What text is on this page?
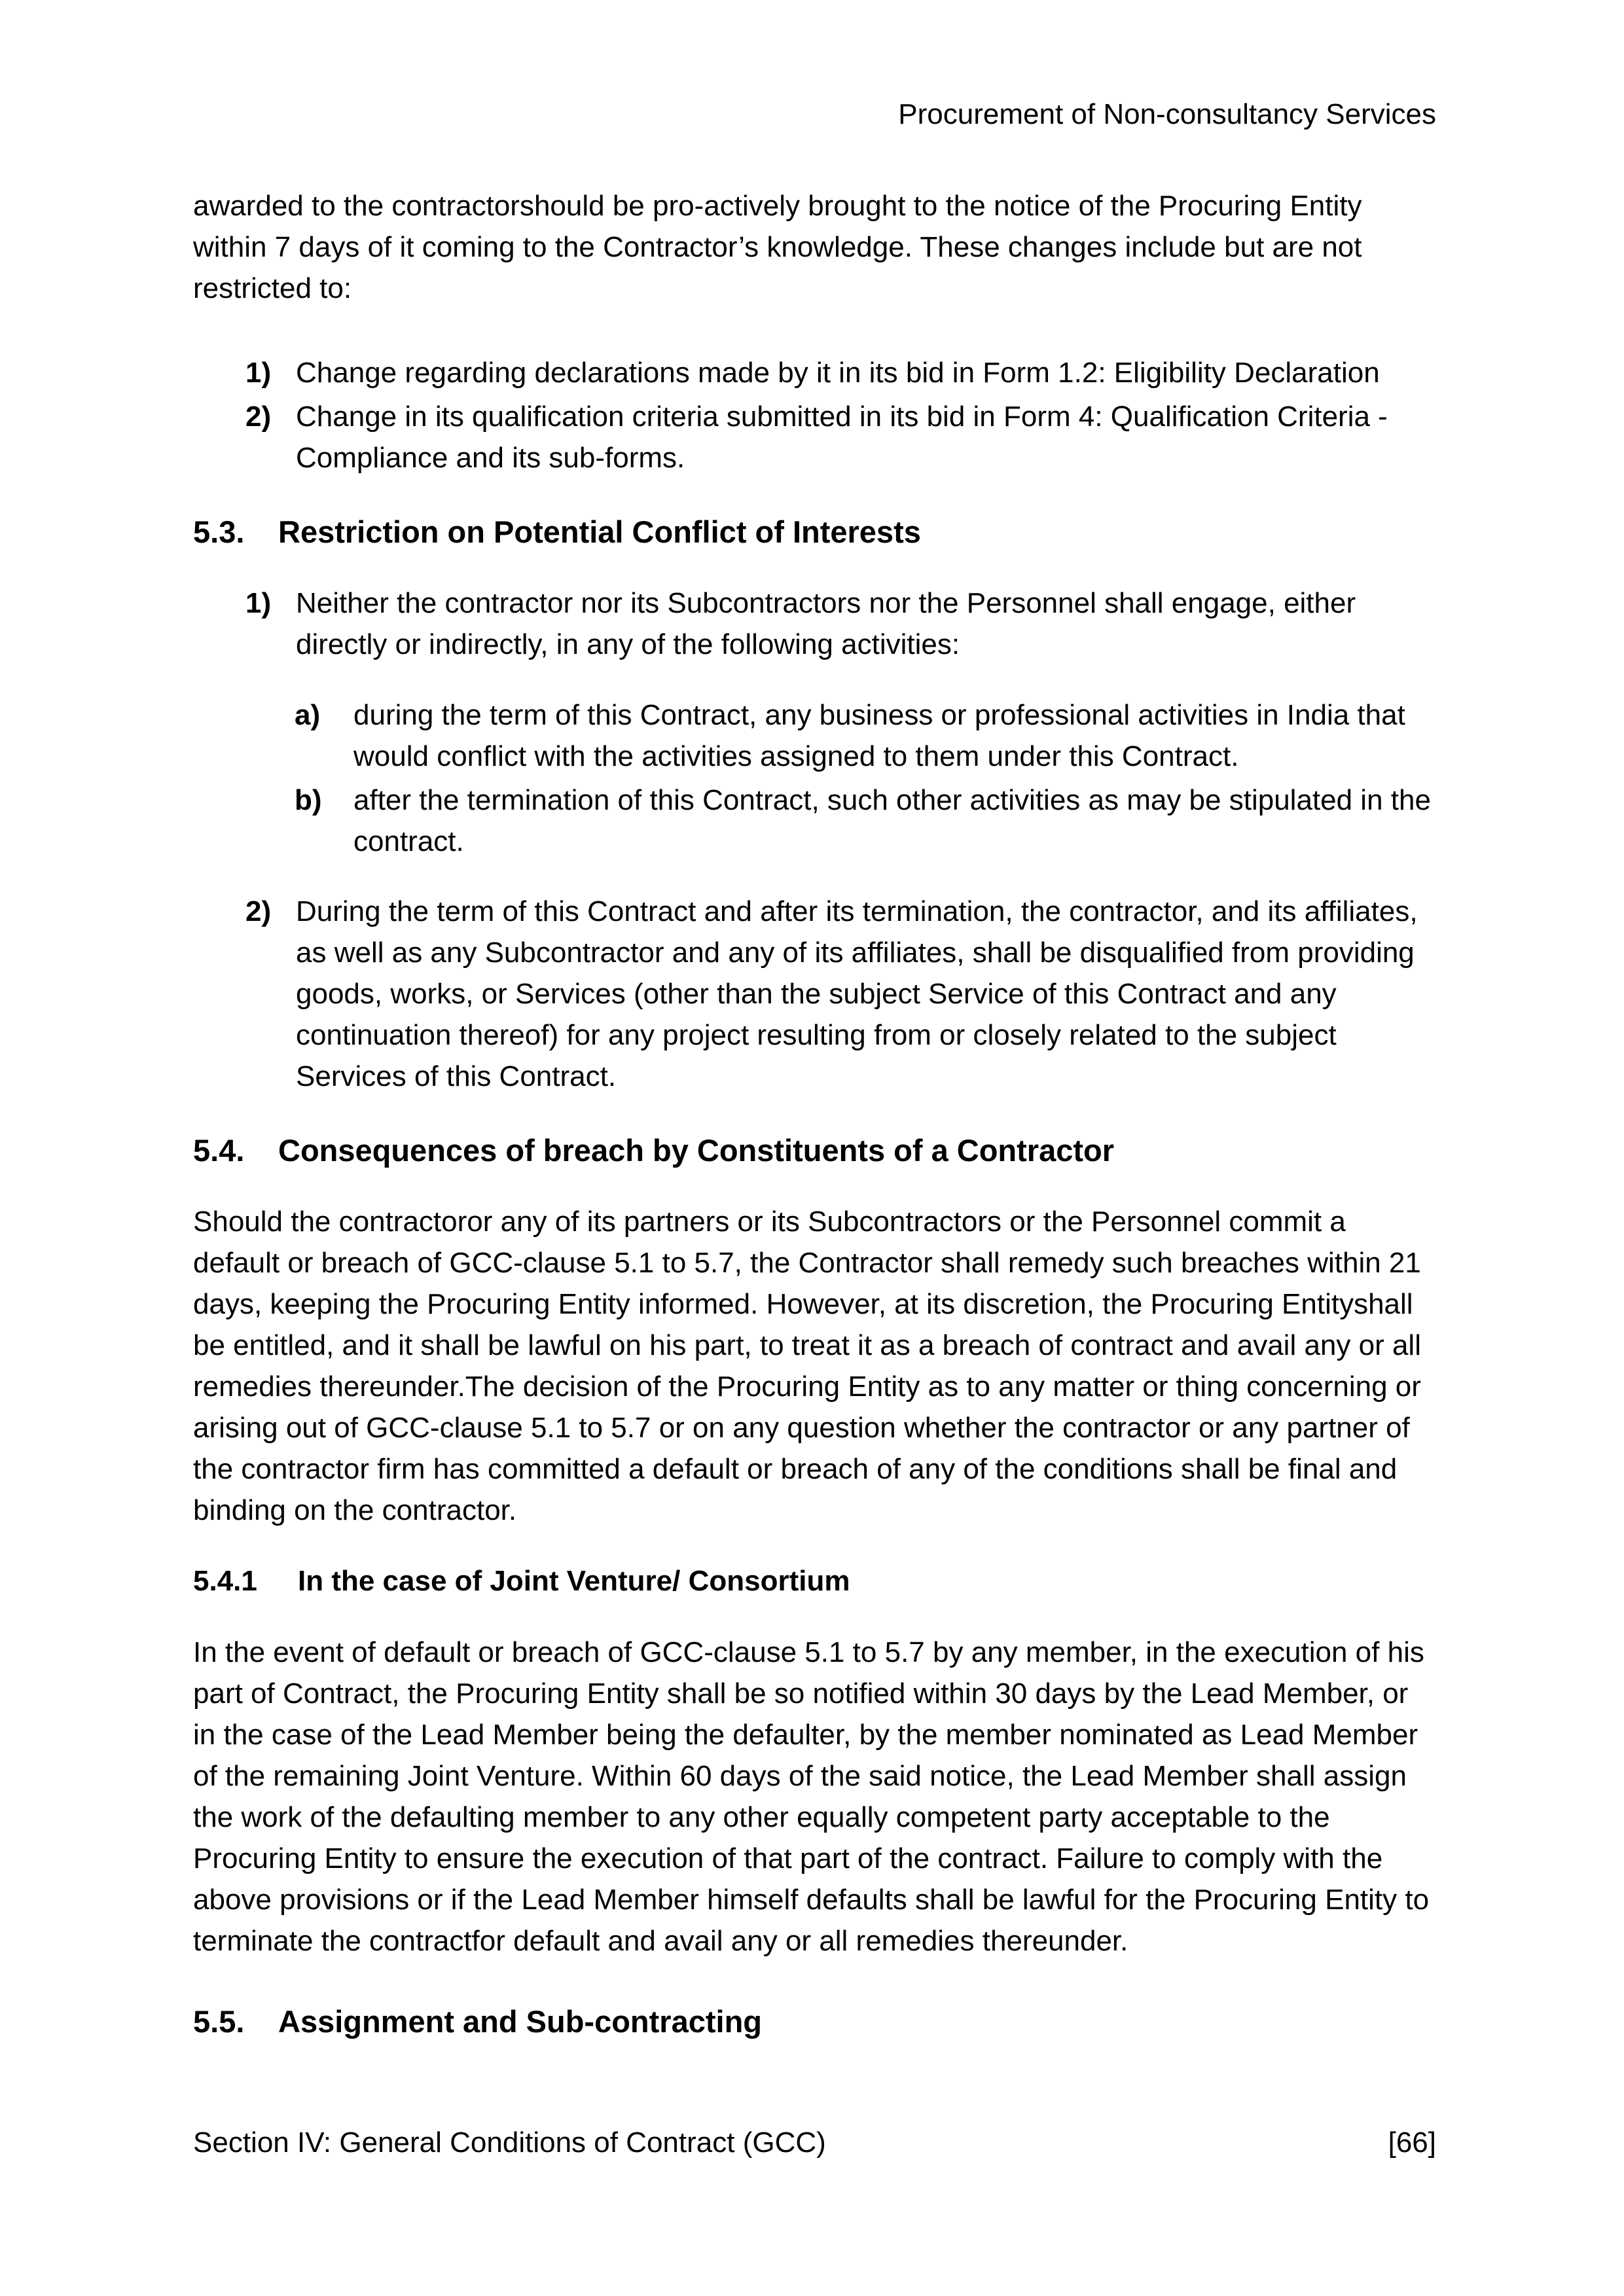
Procurement of Non-consultancy Services

awarded to the contractorshould be pro-actively brought to the notice of the Procuring Entity within 7 days of it coming to the Contractor’s knowledge. These changes include but are not restricted to:

1) Change regarding declarations made by it in its bid in Form 1.2: Eligibility Declaration
2) Change in its qualification criteria submitted in its bid in Form 4: Qualification Criteria - Compliance and its sub-forms.
5.3.	Restriction on Potential Conflict of Interests
1) Neither the contractor nor its Subcontractors nor the Personnel shall engage, either directly or indirectly, in any of the following activities:
a)	during the term of this Contract, any business or professional activities in India that would conflict with the activities assigned to them under this Contract.
b)	after the termination of this Contract, such other activities as may be stipulated in the contract.
2) During the term of this Contract and after its termination, the contractor, and its affiliates, as well as any Subcontractor and any of its affiliates, shall be disqualified from providing goods, works, or Services (other than the subject Service of this Contract and any continuation thereof) for any project resulting from or closely related to the subject Services of this Contract.
5.4.	Consequences of breach by Constituents of a Contractor

Should the contractoror any of its partners or its Subcontractors or the Personnel commit a default or breach of GCC-clause 5.1 to 5.7, the Contractor shall remedy such breaches within 21 days, keeping the Procuring Entity informed. However, at its discretion, the Procuring Entityshall be entitled, and it shall be lawful on his part, to treat it as a breach of contract and avail any or all remedies thereunder.The decision of the Procuring Entity as to any matter or thing concerning or arising out of GCC-clause 5.1 to 5.7 or on any question whether the contractor or any partner of the contractor firm has committed a default or breach of any of the conditions shall be final and binding on the contractor.

5.4.1	In the case of Joint Venture/ Consortium

In the event of default or breach of GCC-clause 5.1 to 5.7 by any member, in the execution of his part of Contract, the Procuring Entity shall be so notified within 30 days by the Lead Member, or in the case of the Lead Member being the defaulter, by the member nominated as Lead Member of the remaining Joint Venture. Within 60 days of the said notice, the Lead Member shall assign the work of the defaulting member to any other equally competent party acceptable to the Procuring Entity to ensure the execution of that part of the contract. Failure to comply with the above provisions or if the Lead Member himself defaults shall be lawful for the Procuring Entity to terminate the contractfor default and avail any or all remedies thereunder.

5.5.	Assignment and Sub-contracting
Section IV: General Conditions of Contract (GCC)	[66]
